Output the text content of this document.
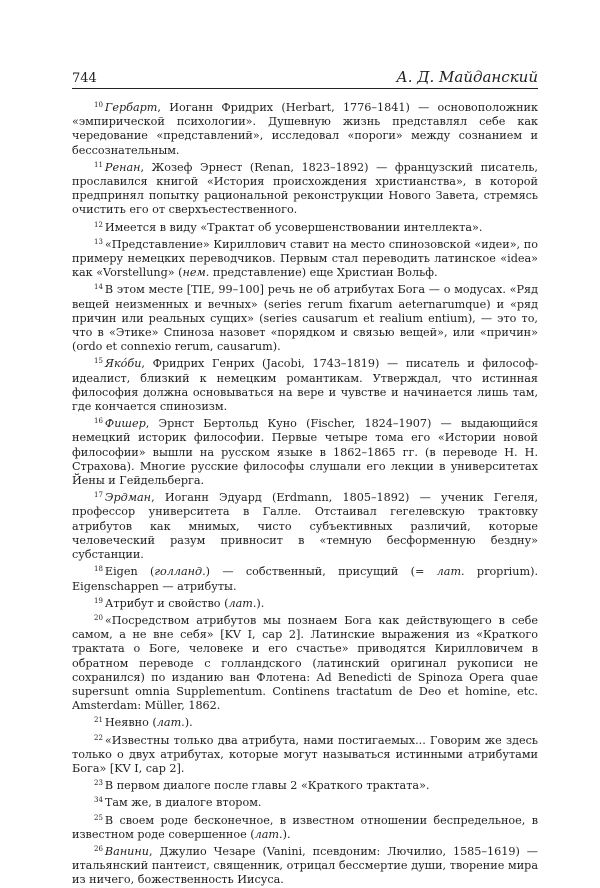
744	А. Д. Майданский

$^{10}$ Гербарт, Иоганн Фридрих (Herbart, 1776–1841) — основоположник «эмпирической психологии». Душевную жизнь представлял себе как чередование «представлений», исследовал «пороги» между сознанием и бессознательным.

$^{11}$ Ренан, Жозеф Эрнест (Renan, 1823–1892) — французский писатель, прославился книгой «История происхождения христианства», в которой предпринял попытку рациональной реконструкции Нового Завета, стремясь очистить его от сверхъестественного.

$^{12}$ Имеется в виду «Трактат об усовершенствовании интеллекта».

$^{13}$ «Представление» Кириллович ставит на место спинозовской «идеи», по примеру немецких переводчиков. Первым стал переводить латинское «idea» как «Vorstellung» (нем. представление) еще Христиан Вольф.

$^{14}$ В этом месте [TIE, 99–100] речь не об атрибутах Бога — о модусах. «Ряд вещей неизменных и вечных» (series rerum fixarum aeternarumque) и «ряд причин или реальных сущих» (series causarum et realium entium), — это то, что в «Этике» Спиноза назовет «порядком и связью вещей», или «причин» (ordo et connexio rerum, causarum).

$^{15}$ Якóби, Фридрих Генрих (Jacobi, 1743–1819) — писатель и философ-идеалист, близкий к немецким романтикам. Утверждал, что истинная философия должна основываться на вере и чувстве и начинается лишь там, где кончается спинозизм.

$^{16}$ Фишер, Эрнст Бертольд Куно (Fischer, 1824–1907) — выдающийся немецкий историк философии. Первые четыре тома его «Истории новой философии» вышли на русском языке в 1862–1865 гг. (в переводе Н. Н. Страхова). Многие русские философы слушали его лекции в университетах Йены и Гейдельберга.

$^{17}$ Эрдман, Иоганн Эдуард (Erdmann, 1805–1892) — ученик Гегеля, профессор университета в Галле. Отстаивал гегелевскую трактовку атрибутов как мнимых, чисто субъективных различий, которые человеческий разум привносит в «темную бесформенную бездну» субстанции.

$^{18}$ Eigen (голланд.) — собственный, присущий (= лат. proprium). Eigenschappen — атрибуты.

$^{19}$ Атрибут и свойство (лат.).

$^{20}$ «Посредством атрибутов мы познаем Бога как действующего в себе самом, а не вне себя» [KV I, cap 2]. Латинские выражения из «Краткого трактата о Боге, человеке и его счастье» приводятся Кирилловичем в обратном переводе с голландского (латинский оригинал рукописи не сохранился) по изданию ван Флотена: Ad Benedicti de Spinoza Opera quae supersunt omnia Supplementum. Continens tractatum de Deo et homine, etc. Amsterdam: Müller, 1862.

$^{21}$ Неявно (лат.).

$^{22}$ «Известны только два атрибута, нами постигаемых... Говорим же здесь только о двух атрибутах, которые могут называться истинными атрибутами Бога» [KV I, cap 2].

$^{23}$ В первом диалоге после главы 2 «Краткого трактата».

$^{34}$ Там же, в диалоге втором.

$^{25}$ В своем роде бесконечное, в известном отношении беспредельное, в известном роде совершенное (лат.).

$^{26}$ Ванини, Джулио Чезаре (Vanini, псевдоним: Лючилио, 1585–1619) — итальянский пантеист, священник, отрицал бессмертие души, творение мира из ничего, божественность Иисуса.
